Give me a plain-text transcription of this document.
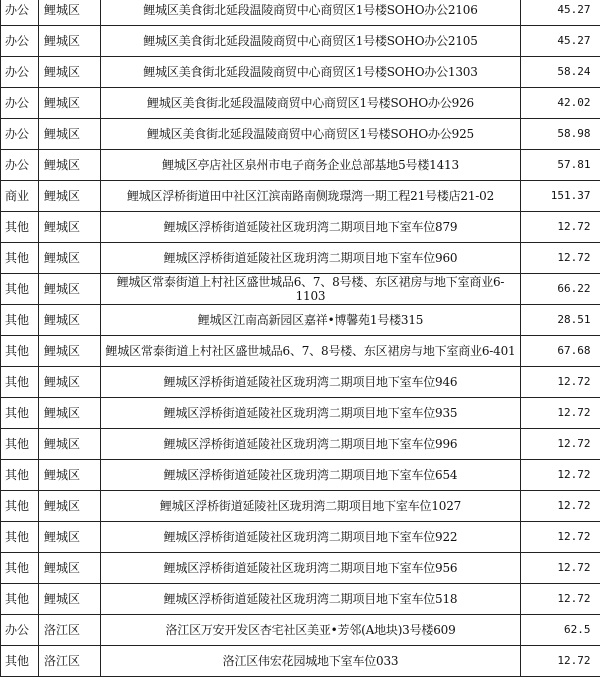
办公	鲤城区	鲤城区美食街北延段温陵商贸中心商贸区1号楼SOHO办公2106	45.27
办公	鲤城区	鲤城区美食街北延段温陵商贸中心商贸区1号楼SOHO办公2105	45.27
办公	鲤城区	鲤城区美食街北延段温陵商贸中心商贸区1号楼SOHO办公1303	58.24
办公	鲤城区	鲤城区美食街北延段温陵商贸中心商贸区1号楼SOHO办公926	42.02
办公	鲤城区	鲤城区美食街北延段温陵商贸中心商贸区1号楼SOHO办公925	58.98
办公	鲤城区	鲤城区亭店社区泉州市电子商务企业总部基地5号楼1413	57.81
商业	鲤城区	鲤城区浮桥街道田中社区江滨南路南侧珑璟湾一期工程21号楼店21-02	151.37
其他	鲤城区	鲤城区浮桥街道延陵社区珑玥湾二期项目地下室车位879	12.72
其他	鲤城区	鲤城区浮桥街道延陵社区珑玥湾二期项目地下室车位960	12.72
其他	鲤城区	鲤城区常泰街道上村社区盛世城品6、7、8号楼、东区裙房与地下室商业6-1103	66.22
其他	鲤城区	鲤城区江南高新园区嘉祥•博馨苑1号楼315	28.51
其他	鲤城区	鲤城区常泰街道上村社区盛世城品6、7、8号楼、东区裙房与地下室商业6-401	67.68
其他	鲤城区	鲤城区浮桥街道延陵社区珑玥湾二期项目地下室车位946	12.72
其他	鲤城区	鲤城区浮桥街道延陵社区珑玥湾二期项目地下室车位935	12.72
其他	鲤城区	鲤城区浮桥街道延陵社区珑玥湾二期项目地下室车位996	12.72
其他	鲤城区	鲤城区浮桥街道延陵社区珑玥湾二期项目地下室车位654	12.72
其他	鲤城区	鲤城区浮桥街道延陵社区珑玥湾二期项目地下室车位1027	12.72
其他	鲤城区	鲤城区浮桥街道延陵社区珑玥湾二期项目地下室车位922	12.72
其他	鲤城区	鲤城区浮桥街道延陵社区珑玥湾二期项目地下室车位956	12.72
其他	鲤城区	鲤城区浮桥街道延陵社区珑玥湾二期项目地下室车位518	12.72
办公	洛江区	洛江区万安开发区杏宅社区美亚•芳邻(A地块)3号楼609	62.5
其他	洛江区	洛江区伟宏花园城地下室车位033	12.72
